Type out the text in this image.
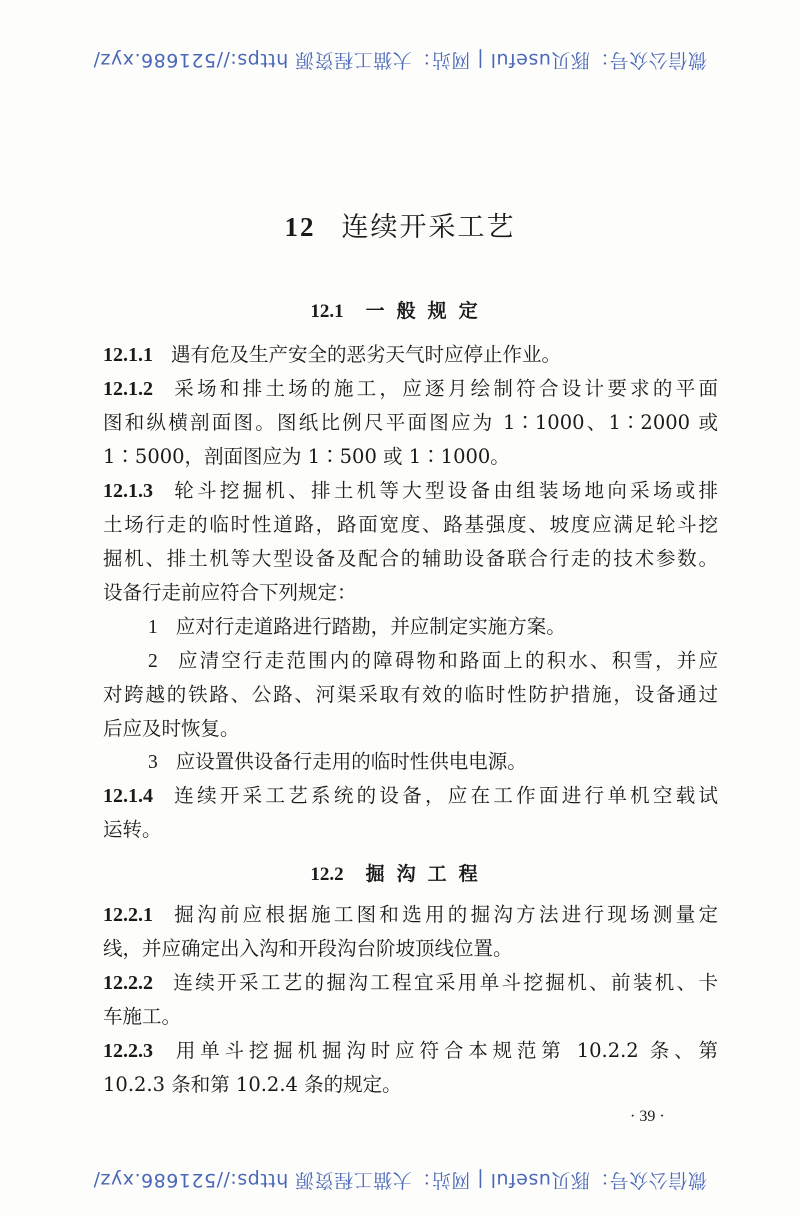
微信公众号：豚贝useful | 网站：大猫工程资源 https://521686.xyz/
12 连续开采工艺
12.1 一般规定
12.2 掘沟工程
12.1.1 遇有危及生产安全的恶劣天气时应停止作业。
12.1.2 采场和排土场的施工，应逐月绘制符合设计要求的平面
图和纵横剖面图。图纸比例尺平面图应为 1∶1000、1∶2000 或
1∶5000，剖面图应为 1∶500 或 1∶1000。
12.1.3 轮斗挖掘机、排土机等大型设备由组装场地向采场或排
土场行走的临时性道路，路面宽度、路基强度、坡度应满足轮斗挖
掘机、排土机等大型设备及配合的辅助设备联合行走的技术参数。
设备行走前应符合下列规定：
1 应对行走道路进行踏勘，并应制定实施方案。
2 应清空行走范围内的障碍物和路面上的积水、积雪，并应
对跨越的铁路、公路、河渠采取有效的临时性防护措施，设备通过
后应及时恢复。
3 应设置供设备行走用的临时性供电电源。
12.1.4 连续开采工艺系统的设备，应在工作面进行单机空载试
运转。
12.2.1 掘沟前应根据施工图和选用的掘沟方法进行现场测量定
线，并应确定出入沟和开段沟台阶坡顶线位置。
12.2.2 连续开采工艺的掘沟工程宜采用单斗挖掘机、前装机、卡
车施工。
12.2.3 用单斗挖掘机掘沟时应符合本规范第 10.2.2 条、第
10.2.3 条和第 10.2.4 条的规定。
· 39 ·
微信公众号：豚贝useful | 网站：大猫工程资源 https://521686.xyz/
